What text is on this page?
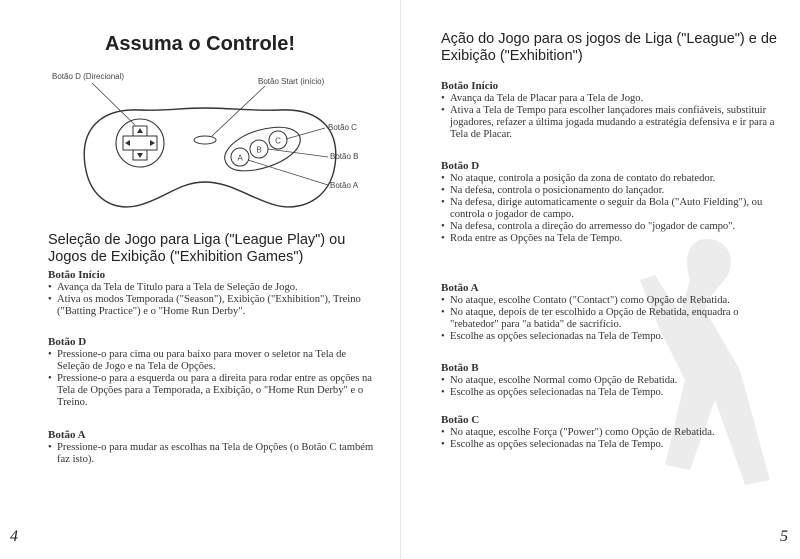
Assuma o Controle!
A
B
C
Botão D (Direcional)
Botão Start (início)
Botão C
Botão B
Botão A
Seleção de Jogo para Liga ("League Play") ou Jogos de Exibição ("Exhibition Games")
Botão Início
• Avança da Tela de Título para a Tela de Seleção de Jogo.
• Ativa os modos Temporada ("Season"), Exibição ("Exhibition"), Treino ("Batting Practice") e o "Home Run Derby".
Botão D
• Pressione-o para cima ou para baixo para mover o seletor na Tela de Seleção de Jogo e na Tela de Opções.
• Pressione-o para a esquerda ou para a direita para rodar entre as opções na Tela de Opções para a Temporada, a Exibição, o "Home Run Derby" e o Treino.
Botão A
• Pressione-o para mudar as escolhas na Tela de Opções (o Botão C também faz isto).
4
Ação do Jogo para os jogos de Liga ("League") e de Exibição ("Exhibition")
Botão Início
• Avança da Tela de Placar para a Tela de Jogo.
• Ativa a Tela de Tempo para escolher lançadores mais confiáveis, substituir jogadores, refazer a última jogada mudando a estratégia defensiva e ir para a Tela de Placar.
Botão D
• No ataque, controla a posição da zona de contato do rebatedor.
• Na defesa, controla o posicionamento do lançador.
• Na defesa, dirige automaticamente o seguir da Bola ("Auto Fielding"), ou controla o jogador de campo.
• Na defesa, controla a direção do arremesso do "jogador de campo".
• Roda entre as Opções na Tela de Tempo.
Botão A
• No ataque, escolhe Contato ("Contact") como Opção de Rebatida.
• No ataque, depois de ter escolhido a Opção de Rebatida, enquadra o "rebatedor" para "a batida" de sacrifício.
• Escolhe as opções selecionadas na Tela de Tempo.
Botão B
• No ataque, escolhe Normal como Opção de Rebatida.
• Escolhe as opções selecionadas na Tela de Tempo.
Botão C
• No ataque, escolhe Força ("Power") como Opção de Rebatida.
• Escolhe as opções selecionadas na Tela de Tempo.
5
